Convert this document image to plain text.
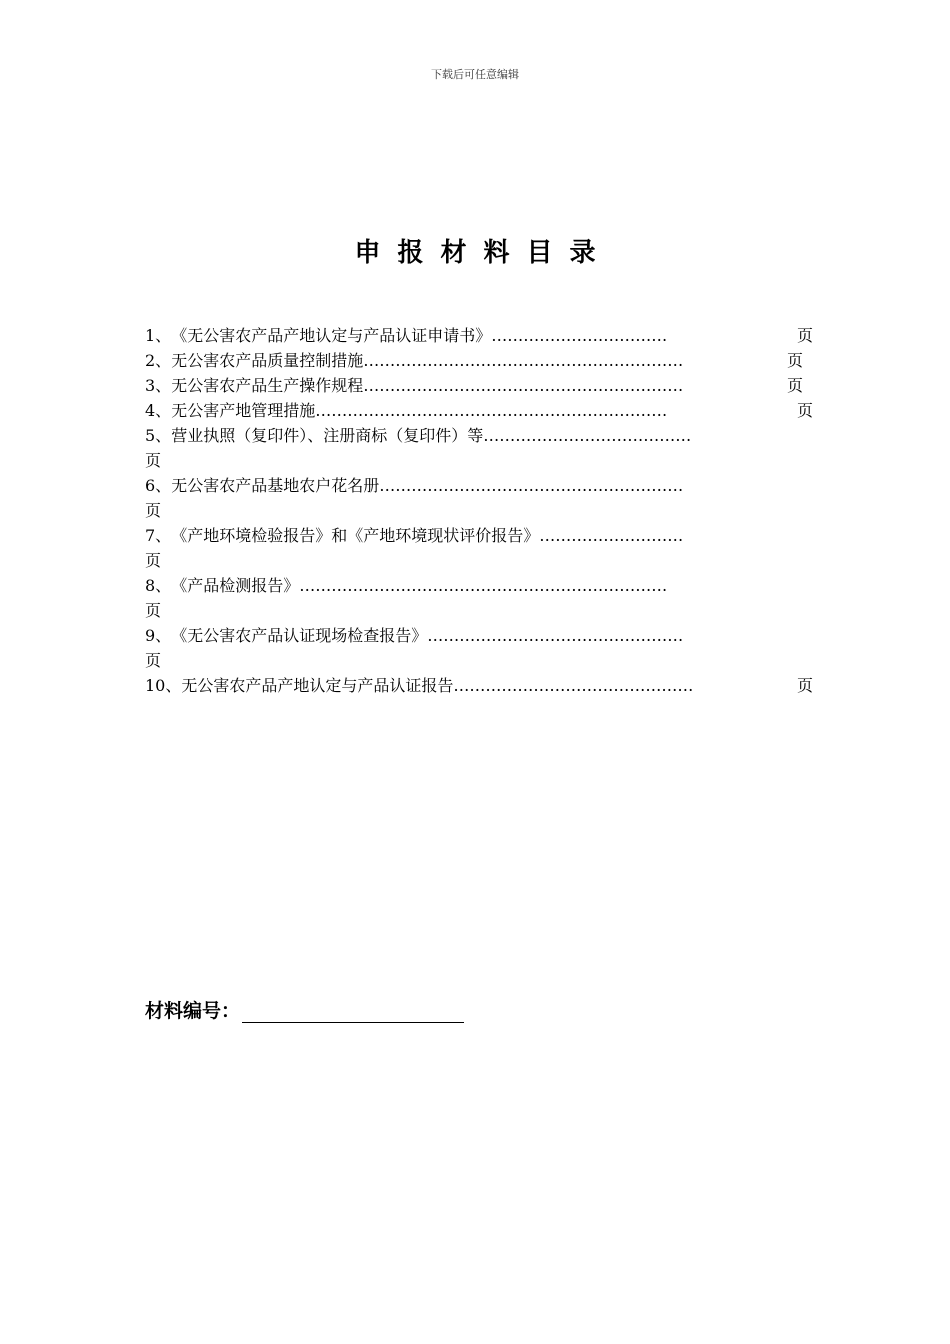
下载后可任意编辑
申报材料目录
1、 《无公害农产品产地认定与产品认证申请书》 ……………………………	页
2、 无公害农产品质量控制措施 ……………………………………………………	页
3、 无公害农产品生产操作规程 ……………………………………………………	页
4、 无公害产地管理措施 …………………………………………………………	页
5、 营业执照（复印件）、注册商标（复印件）等 …………………………………
页
6、 无公害农产品基地农户花名册 …………………………………………………
页
7、 《产地环境检验报告》和《产地环境现状评价报告》 ………………………
页
8、 《产品检测报告》 ……………………………………………………………
页
9、 《无公害农产品认证现场检查报告》 …………………………………………
页
10、 无公害农产品产地认定与产品认证报告 ………………………………………	页
材料编号：
